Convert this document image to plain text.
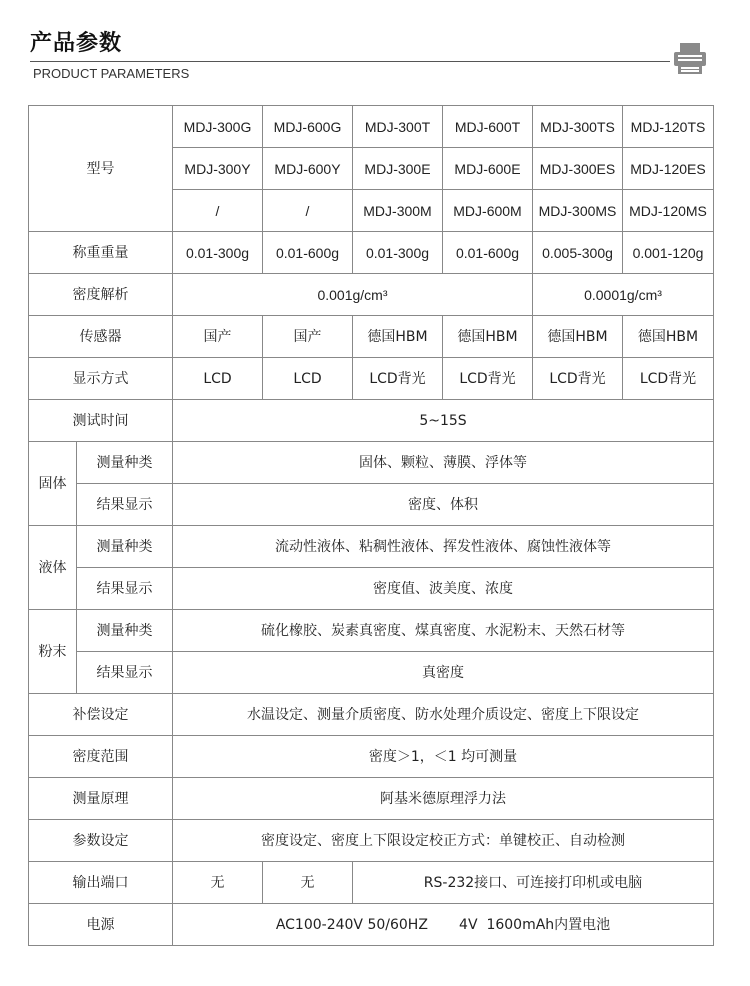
产品参数
PRODUCT PARAMETERS
型号		MDJ-300G	MDJ-600G	MDJ-300T	MDJ-600T	MDJ-300TS	MDJ-120TS
		MDJ-300Y	MDJ-600Y	MDJ-300E	MDJ-600E	MDJ-300ES	MDJ-120ES
		/	/	MDJ-300M	MDJ-600M	MDJ-300MS	MDJ-120MS
称重重量		0.01-300g	0.01-600g	0.01-300g	0.01-600g	0.005-300g	0.001-120g
密度解析		0.001g/cm³				0.0001g/cm³	
传感器		国产	国产	德国HBM	德国HBM	德国HBM	德国HBM
显示方式		LCD	LCD	LCD背光	LCD背光	LCD背光	LCD背光
测试时间		5~15S					
固体	测量种类	固体、颗粒、薄膜、浮体等					
	结果显示	密度、体积					
液体	测量种类	流动性液体、粘稠性液体、挥发性液体、腐蚀性液体等					
	结果显示	密度值、波美度、浓度					
粉末	测量种类	硫化橡胶、炭素真密度、煤真密度、水泥粉末、天然石材等					
	结果显示	真密度					
补偿设定		水温设定、测量介质密度、防水处理介质设定、密度上下限设定					
密度范围		密度＞1，＜1 均可测量					
测量原理		阿基米德原理浮力法					
参数设定		密度设定、密度上下限设定校正方式：单键校正、自动检测					
输出端口		无	无	RS-232接口、可连接打印机或电脑			
电源		AC100-240V 50/60HZ       4V  1600mAh内置电池					
